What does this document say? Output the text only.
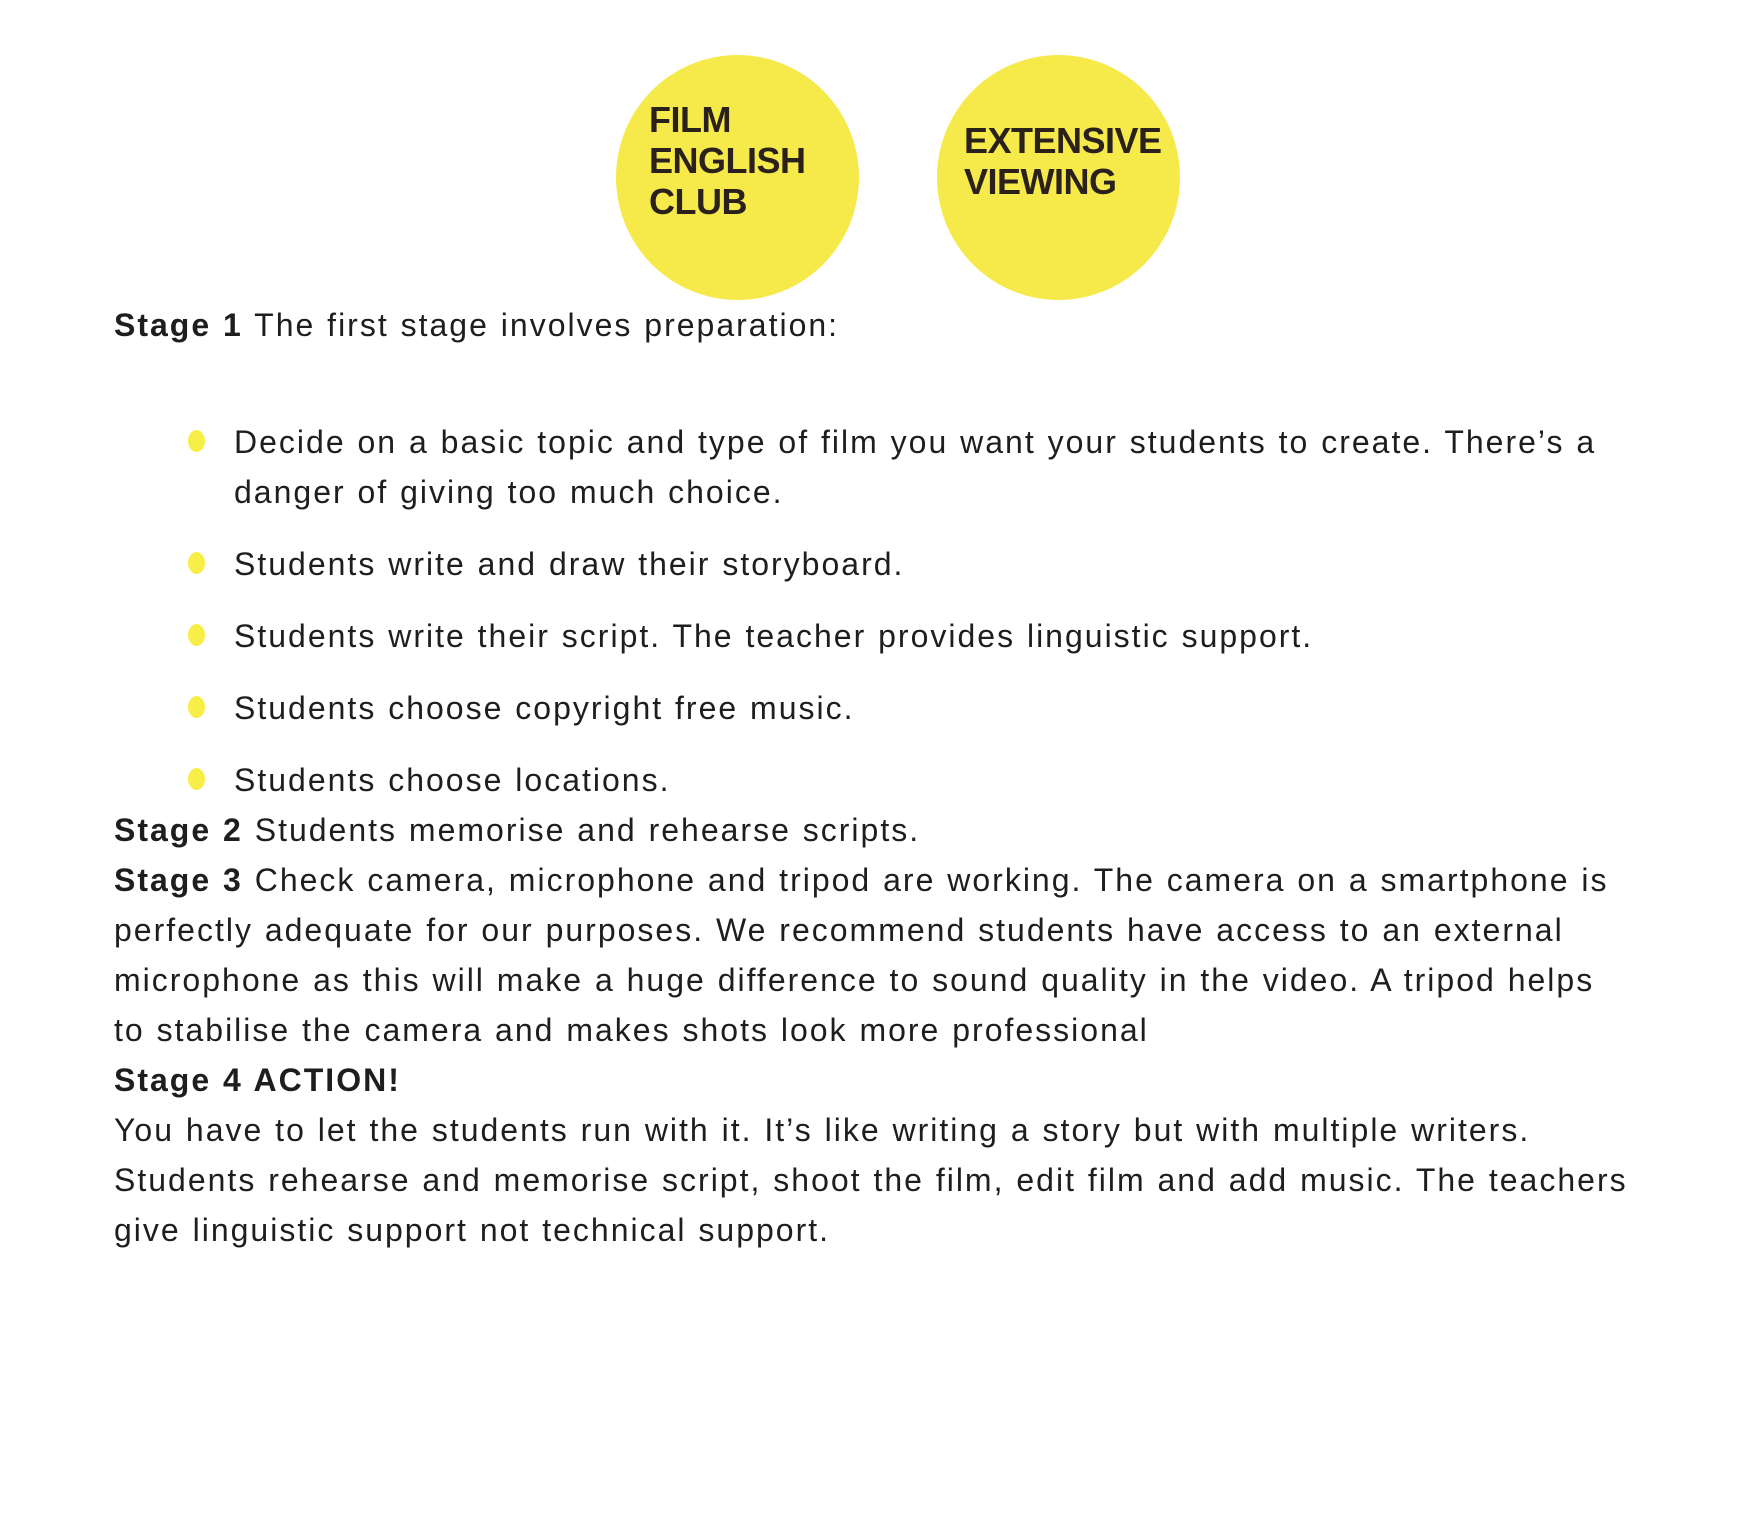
FILM
ENGLISH
CLUB
EXTENSIVE
VIEWING

Stage 1 The first stage involves preparation:

Decide on a basic topic and type of film you want your students to create. There’s a danger of giving too much choice.
Students write and draw their storyboard.
Students write their script. The teacher provides linguistic support.
Students choose copyright free music.
Students choose locations.

Stage 2 Students memorise and rehearse scripts.

Stage 3 Check camera, microphone and tripod are working. The camera on a smartphone is perfectly adequate for our purposes. We recommend students have access to an external microphone as this will make a huge difference to sound quality in the video. A tripod helps to stabilise the camera and makes shots look more professional

Stage 4 ACTION!

You have to let the students run with it. It’s like writing a story but with multiple writers. Students rehearse and memorise script, shoot the film, edit film and add music. The teachers give linguistic support not technical support.
